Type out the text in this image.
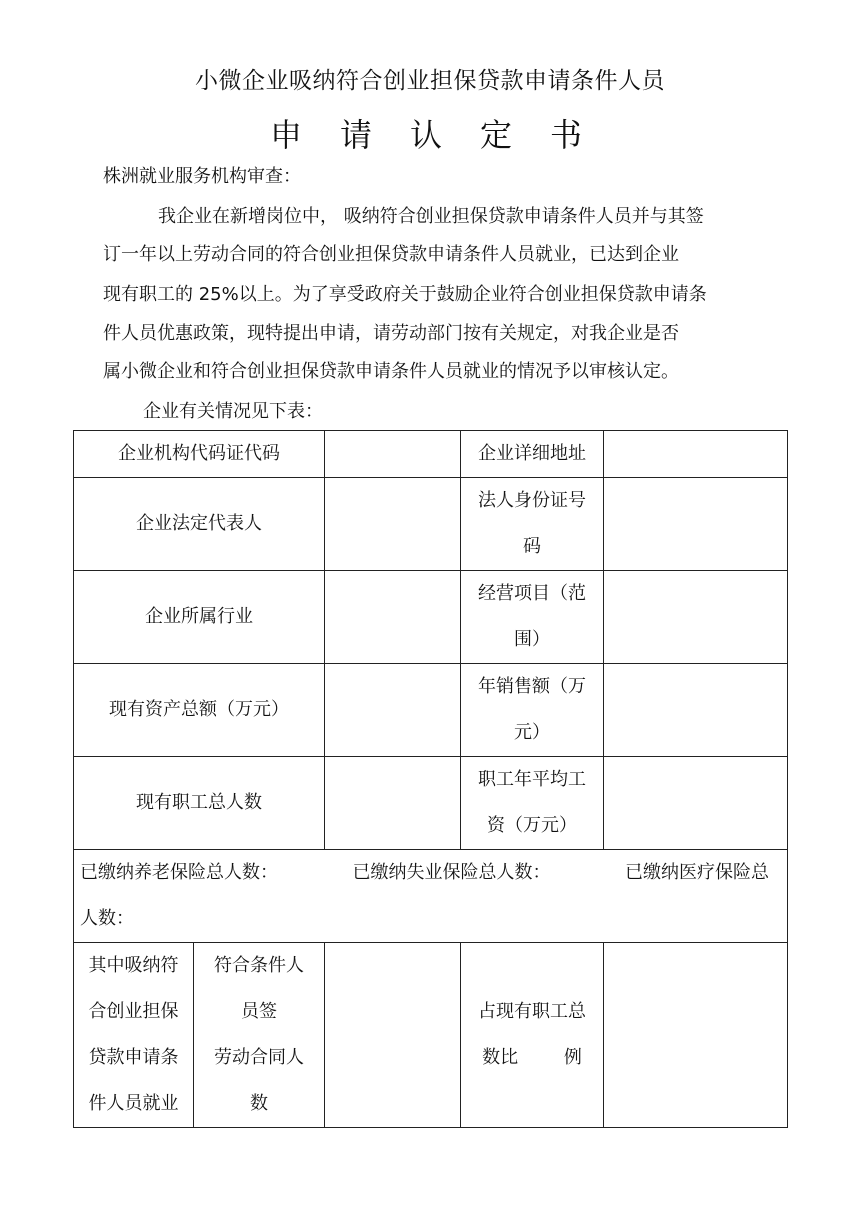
小微企业吸纳符合创业担保贷款申请条件人员
申请认定书
株洲就业服务机构审查：
我企业在新增岗位中， 吸纳符合创业担保贷款申请条件人员并与其签
订一年以上劳动合同的符合创业担保贷款申请条件人员就业，已达到企业
现有职工的 25%以上。为了享受政府关于鼓励企业符合创业担保贷款申请条
件人员优惠政策，现特提出申请，请劳动部门按有关规定，对我企业是否
属小微企业和符合创业担保贷款申请条件人员就业的情况予以审核认定。
企业有关情况见下表：
企业机构代码证代码			企业详细地址	
企业法定代表人			法人身份证号
码	

企业所属行业			经营项目（范
围）	

现有资产总额（万元）			年销售额（万
元）	

现有职工总人数			职工年平均工
资（万元）	

已缴纳养老保险总人数： 已缴纳失业保险总人数： 已缴纳医疗保险总
人数：				

其中吸纳符
合创业担保
贷款申请条
件人员就业	符合条件人
员签
劳动合同人
数		占现有职工总
数比        例	
